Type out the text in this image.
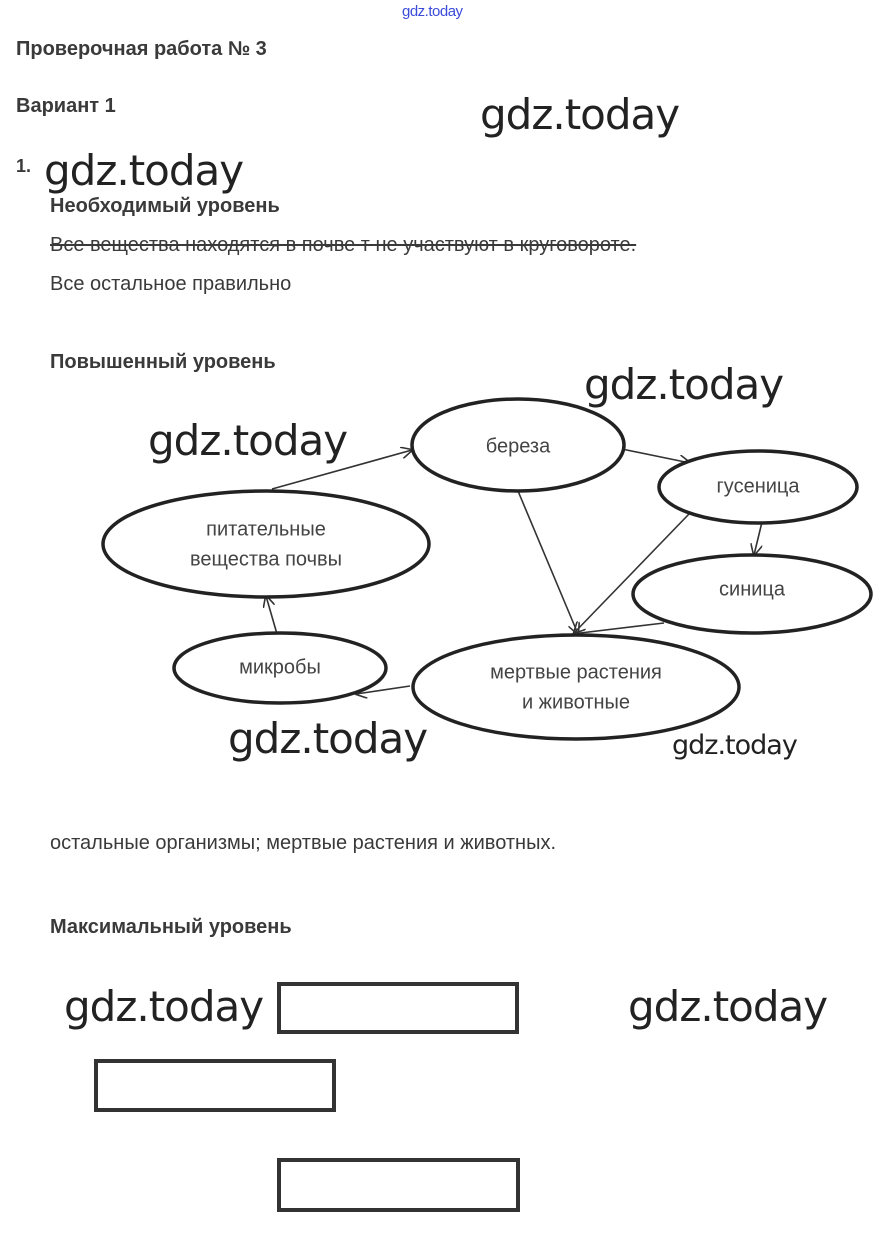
gdz.today
Проверочная работа № 3
Вариант 1	gdz.today
1. gdz.today
Необходимый уровень
Все вещества находятся в почве т не участвуют в круговороте.
Все остальное правильно
Повышенный уровень	gdz.today
gdz.today	береза
гусеница
синица
питательные
вещества почвы
микробы	мертвые растения
и животные
gdz.today	gdz.today
остальные организмы; мертвые растения и животных.
Максимальный уровень
gdz.today	gdz.today
